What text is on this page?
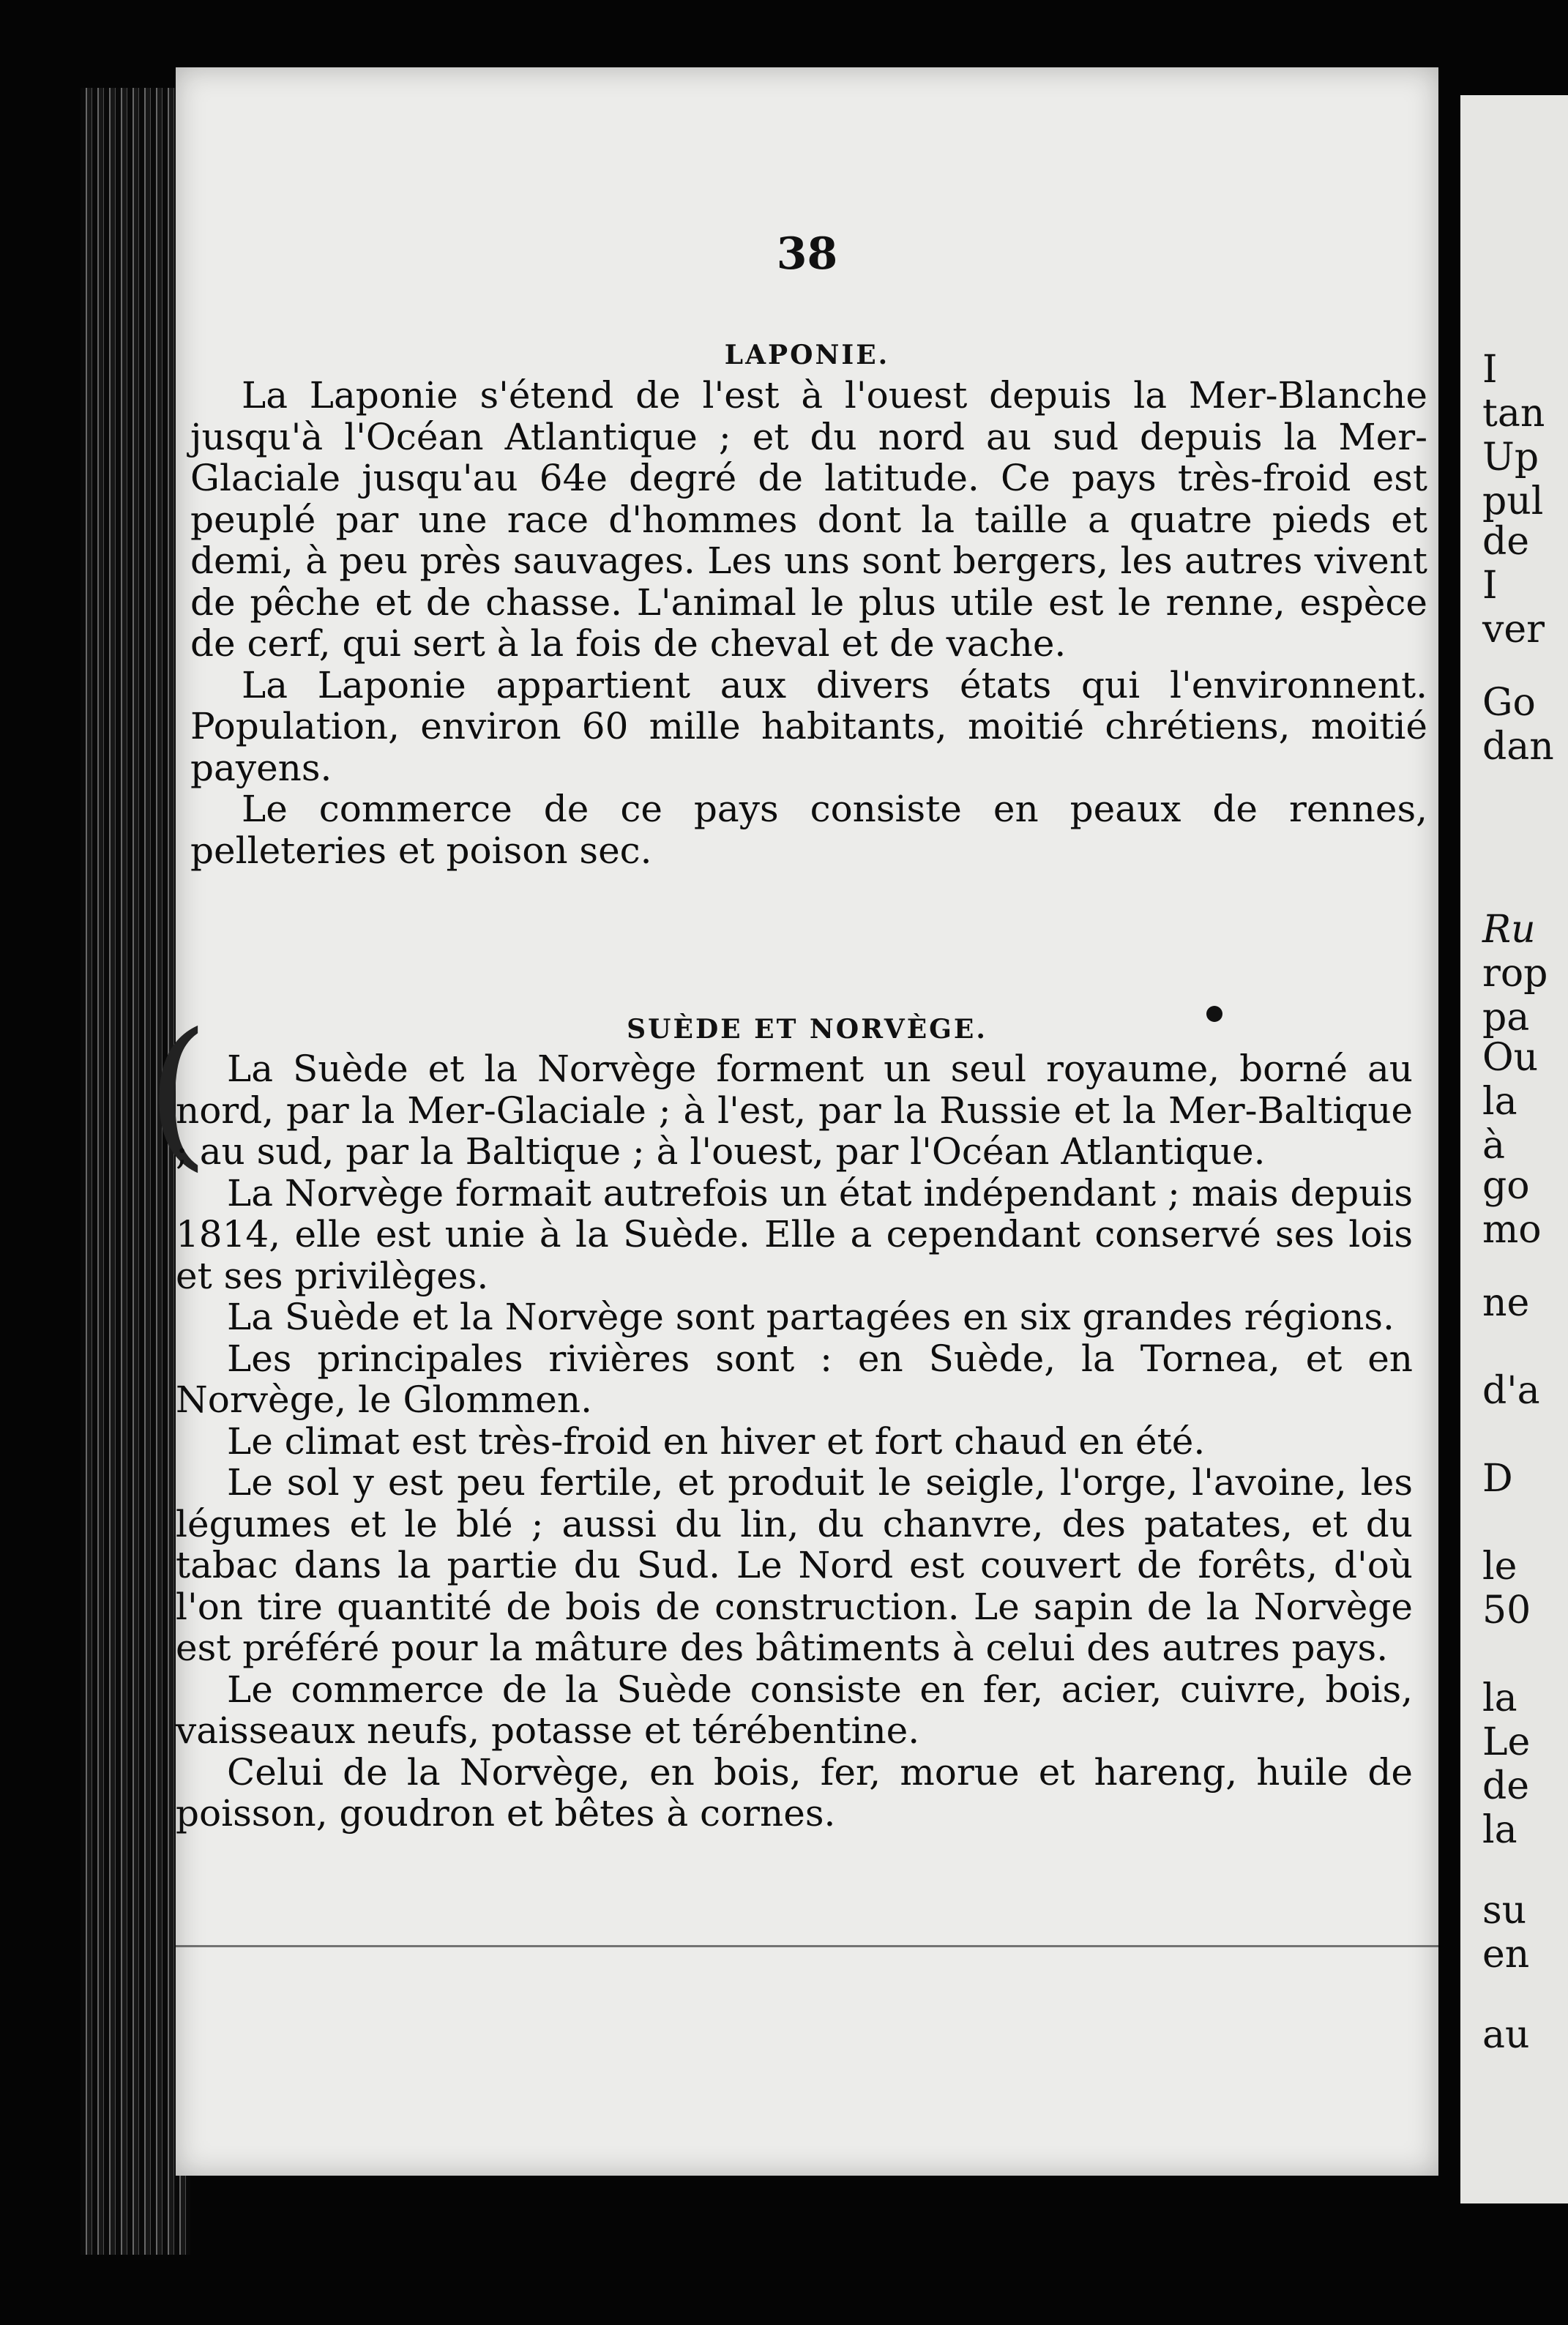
38
LAPONIE.

La Laponie s'étend de l'est à l'ouest depuis la Mer-Blanche jusqu'à l'Océan Atlantique ; et du nord au sud depuis la Mer-Glaciale jusqu'au 64e degré de latitude. Ce pays très-froid est peuplé par une race d'hommes dont la taille a quatre pieds et demi, à peu près sauvages. Les uns sont bergers, les autres vivent de pêche et de chasse. L'animal le plus utile est le renne, espèce de cerf, qui sert à la fois de cheval et de vache.

La Laponie appartient aux divers états qui l'environnent. Population, environ 60 mille habitants, moitié chrétiens, moitié payens.

Le commerce de ce pays consiste en peaux de rennes, pelleteries et poison sec.

SUÈDE ET NORVÈGE.
( La Suède et la Norvège forment un seul royaume, borné au nord, par la Mer-Glaciale ; à l'est, par la Russie et la Mer-Baltique ; au sud, par la Baltique ; à l'ouest, par l'Océan Atlantique.

La Norvège formait autrefois un état indépendant ; mais depuis 1814, elle est unie à la Suède. Elle a cependant conservé ses lois et ses privilèges.

La Suède et la Norvège sont partagées en six grandes régions.

Les principales rivières sont : en Suède, la Tornea, et en Norvège, le Glommen.

Le climat est très-froid en hiver et fort chaud en été.

Le sol y est peu fertile, et produit le seigle, l'orge, l'avoine, les légumes et le blé ; aussi du lin, du chanvre, des patates, et du tabac dans la partie du Sud. Le Nord est couvert de forêts, d'où l'on tire quantité de bois de construction. Le sapin de la Norvège est préféré pour la mâture des bâtiments à celui des autres pays.

Le commerce de la Suède consiste en fer, acier, cuivre, bois, vaisseaux neufs, potasse et térébentine.

Celui de la Norvège, en bois, fer, morue et hareng, huile de poisson, goudron et bêtes à cornes.

I
tan
Up
pul
de
I
ver
Go
dan
Ru
rop
pa
Ou
la
à
go
mo
ne
d'a
D
le
50
la
Le
de
la
su
en
au
